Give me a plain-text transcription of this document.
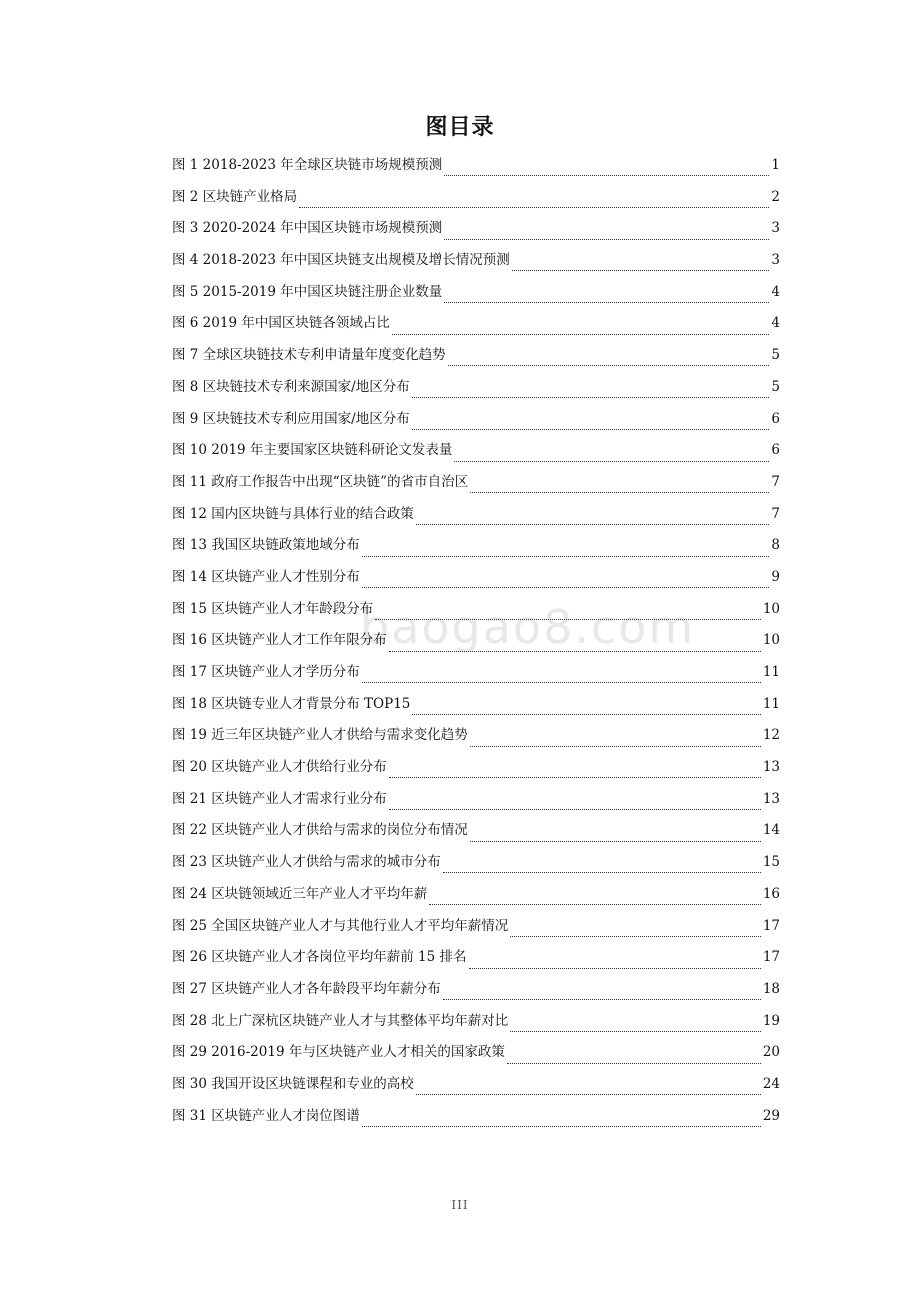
baogao8.com
图目录
图 1 2018-2023 年全球区块链市场规模预测	1
图 2 区块链产业格局	2
图 3 2020-2024 年中国区块链市场规模预测	3
图 4 2018-2023 年中国区块链支出规模及增长情况预测	3
图 5 2015-2019 年中国区块链注册企业数量	4
图 6 2019 年中国区块链各领域占比	4
图 7 全球区块链技术专利申请量年度变化趋势	5
图 8 区块链技术专利来源国家/地区分布	5
图 9 区块链技术专利应用国家/地区分布	6
图 10 2019 年主要国家区块链科研论文发表量	6
图 11 政府工作报告中出现“区块链”的省市自治区	7
图 12 国内区块链与具体行业的结合政策	7
图 13 我国区块链政策地域分布	8
图 14 区块链产业人才性别分布	9
图 15 区块链产业人才年龄段分布	10
图 16 区块链产业人才工作年限分布	10
图 17 区块链产业人才学历分布	11
图 18 区块链专业人才背景分布 TOP15	11
图 19 近三年区块链产业人才供给与需求变化趋势	12
图 20 区块链产业人才供给行业分布	13
图 21 区块链产业人才需求行业分布	13
图 22 区块链产业人才供给与需求的岗位分布情况	14
图 23 区块链产业人才供给与需求的城市分布	15
图 24 区块链领域近三年产业人才平均年薪	16
图 25 全国区块链产业人才与其他行业人才平均年薪情况	17
图 26 区块链产业人才各岗位平均年薪前 15 排名	17
图 27 区块链产业人才各年龄段平均年薪分布	18
图 28 北上广深杭区块链产业人才与其整体平均年薪对比	19
图 29 2016-2019 年与区块链产业人才相关的国家政策	20
图 30 我国开设区块链课程和专业的高校	24
图 31 区块链产业人才岗位图谱	29
III
